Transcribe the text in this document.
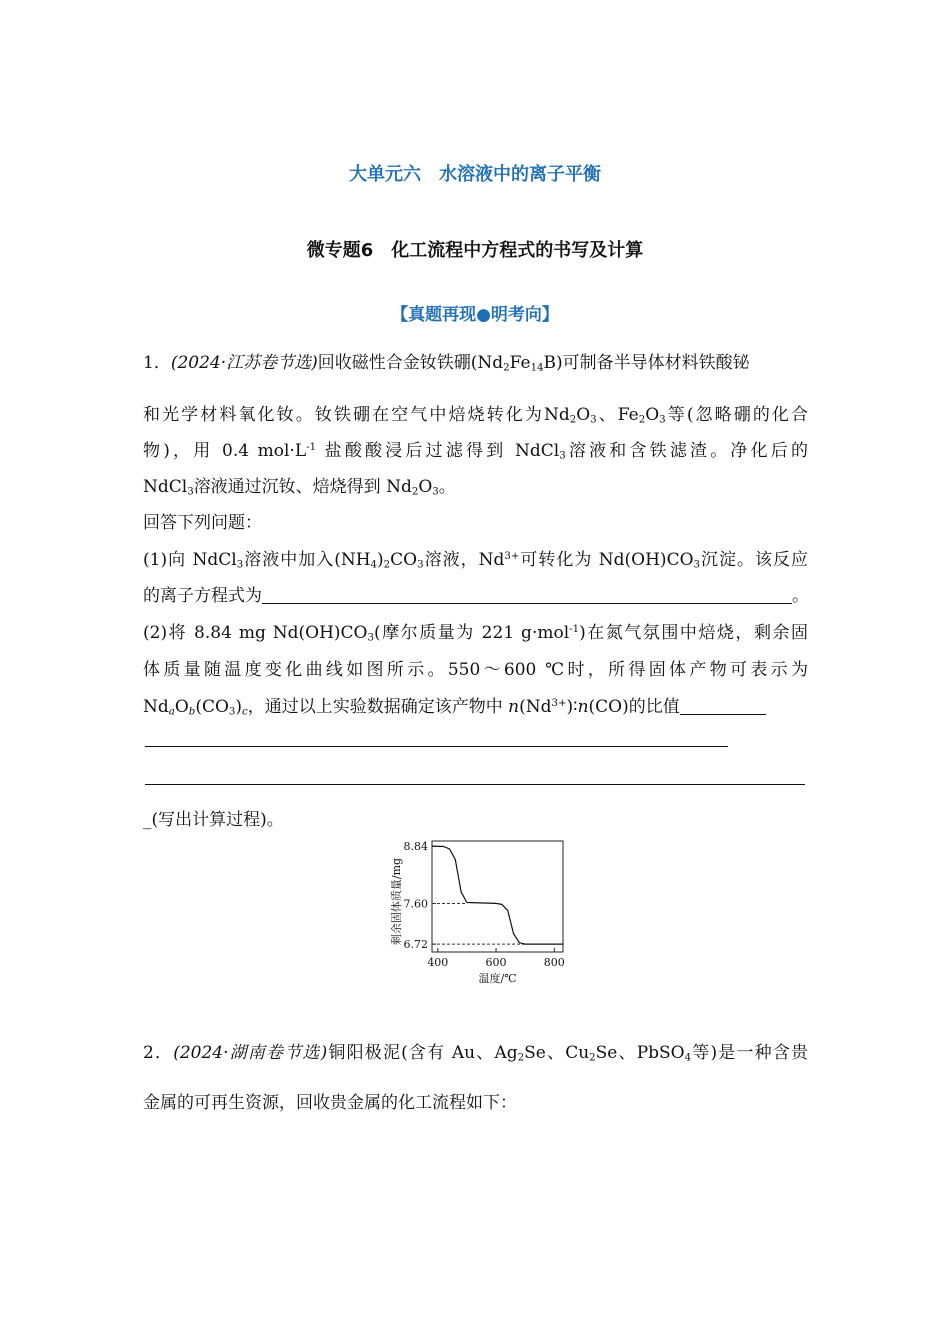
大单元六　水溶液中的离子平衡
微专题6　化工流程中方程式的书写及计算
【真题再现●明考向】
1．(2024·江苏卷节选)回收磁性合金钕铁硼$(Nd_2Fe_{14}B)$可制备半导体材料铁酸铋
和光学材料氧化钕。钕铁硼在空气中焙烧转化为$Nd_2O_3$、$Fe_2O_3$等(忽略硼的化合
物)，用 0.4 $mol\cdot L^{-1}$ 盐酸酸浸后过滤得到 NdCl$_3$溶液和含铁滤渣。净化后的
NdCl$_3$溶液通过沉钕、焙烧得到 $Nd_2O_3$。
回答下列问题：
(1)向 NdCl$_3$溶液中加入$(NH_4)_2CO_3$溶液，$Nd^{3+}$可转化为 $Nd(OH)CO_3$沉淀。该反应
的离子方程式为	。
(2)将 8.84 mg $Nd(OH)CO_3$(摩尔质量为 221 g·mol$^{-1}$)在氮气氛围中焙烧，剩余固
体质量随温度变化曲线如图所示。550～600 ℃时，所得固体产物可表示为
$Nd_aO_b(CO_3)_c$，通过以上实验数据确定该产物中 $n(Nd^{3+})∶n(CO)$的比值
_(写出计算过程)。
8.84
7.60
6.72
400	600	800
温度/℃
剩余固体质量/mg
2．(2024·湖南卷节选)铜阳极泥(含有 Au、$Ag_2Se$、$Cu_2Se$、PbSO$_4$等)是一种含贵
金属的可再生资源，回收贵金属的化工流程如下：
